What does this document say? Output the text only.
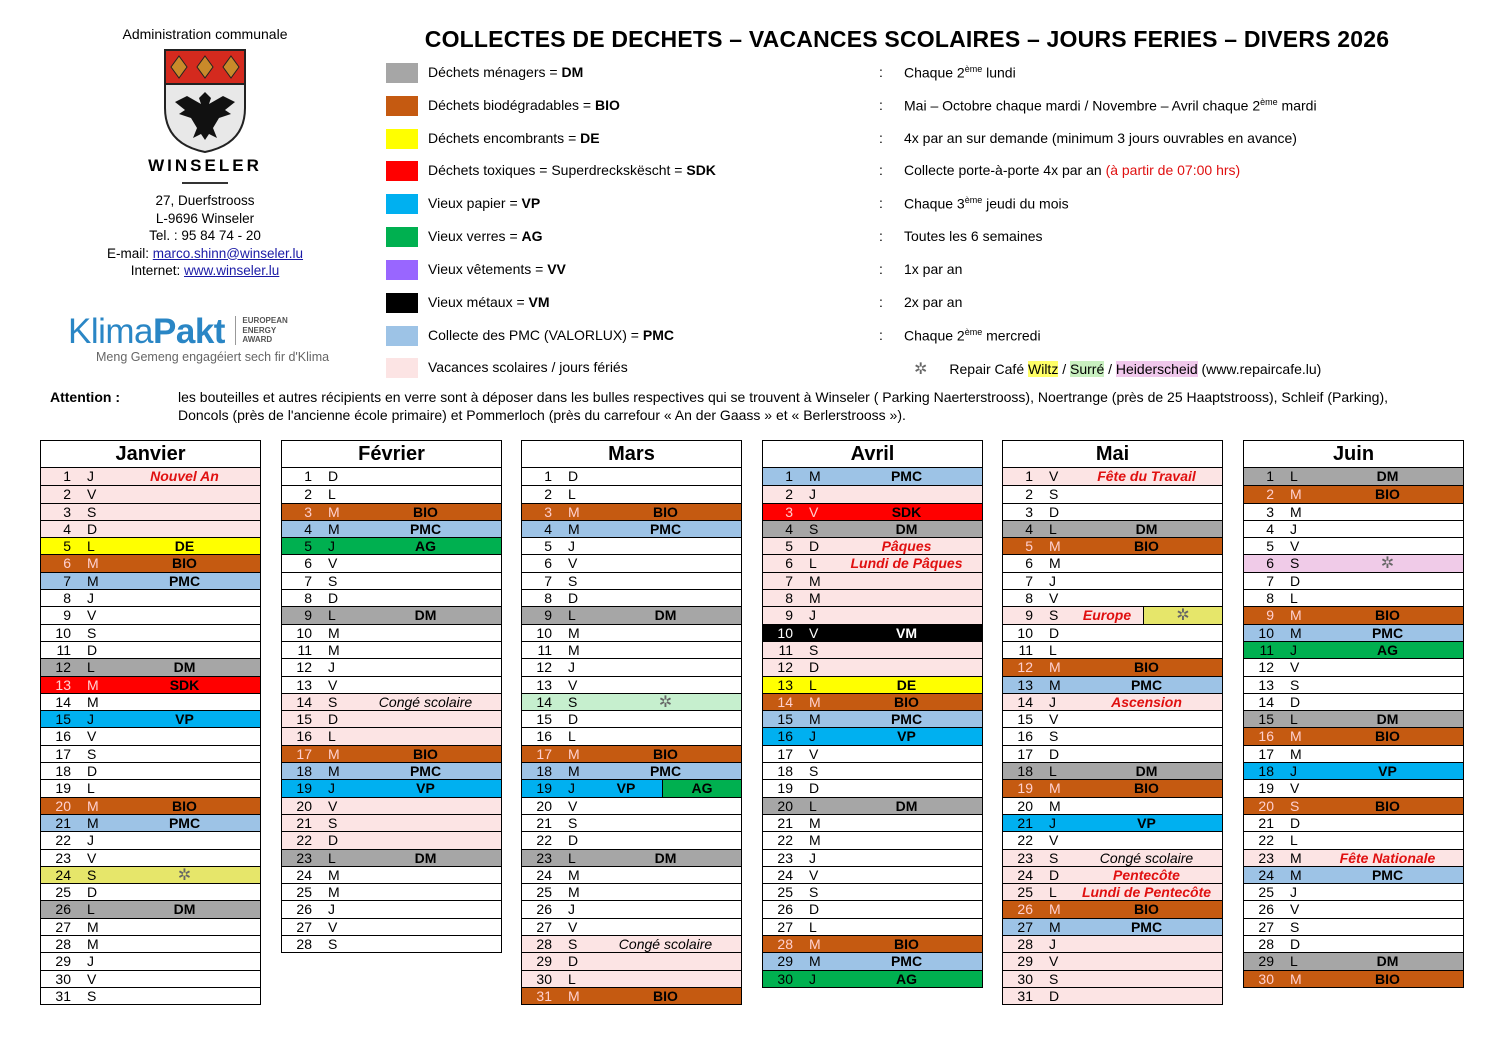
Administration communale
WINSELER
27, Duerfstrooss
L-9696 Winseler
Tel. : 95 84 74 - 20
E-mail: marco.shinn@winseler.lu
Internet: www.winseler.lu
KlimaPakt EUROPEAN
ENERGY
AWARD
Meng Gemeng engagéiert sech fir d'Klima
COLLECTES DE DECHETS – VACANCES SCOLAIRES – JOURS FERIES – DIVERS 2026
Déchets ménagers = DM	: Chaque 2ème lundi
Déchets biodégradables = BIO	: Mai – Octobre chaque mardi / Novembre – Avril chaque 2ème mardi
Déchets encombrants = DE	: 4x par an sur demande (minimum 3 jours ouvrables en avance)
Déchets toxiques = Superdreckskëscht = SDK	: Collecte porte-à-porte 4x par an (à partir de 07:00 hrs)
Vieux papier = VP	: Chaque 3ème jeudi du mois
Vieux verres = AG	: Toutes les 6 semaines
Vieux vêtements = VV	: 1x par an
Vieux métaux = VM	: 2x par an
Collecte des PMC (VALORLUX) = PMC	: Chaque 2ème mercredi
Vacances scolaires / jours fériés	✲ Repair Café Wiltz / Surré / Heiderscheid (www.repaircafe.lu)
Attention :	les bouteilles et autres récipients en verre sont à déposer dans les bulles respectives qui se trouvent à Winseler ( Parking Naerterstrooss), Noertrange (près de 25 Haaptstrooss), Schleif (Parking), Doncols (près de l'ancienne école primaire) et Pommerloch (près du carrefour « An der Gaass » et « Berlerstrooss »).
Janvier
1 J	Nouvel An
2 V
3 S
4 D
5 L	DE
6 M	BIO
7 M	PMC
8 J
9 V
10 S
11 D
12 L	DM
13 M	SDK
14 M
15 J	VP
16 V
17 S
18 D
19 L
20 M	BIO
21 M	PMC
22 J
23 V
24 S	✲
25 D
26 L	DM
27 M
28 M
29 J
30 V
31 S
Février
1 D
2 L
3 M	BIO
4 M	PMC
5 J	AG
6 V
7 S
8 D
9 L	DM
10 M
11 M
12 J
13 V
14 S	Congé scolaire
15 D
16 L
17 M	BIO
18 M	PMC
19 J	VP
20 V
21 S
22 D
23 L	DM
24 M
25 M
26 J
27 V
28 S
Mars
1 D
2 L
3 M	BIO
4 M	PMC
5 J
6 V
7 S
8 D
9 L	DM
10 M
11 M
12 J
13 V
14 S	✲
15 D
16 L
17 M	BIO
18 M	PMC
19 J	VP	AG
20 V
21 S
22 D
23 L	DM
24 M
25 M
26 J
27 V
28 S	Congé scolaire
29 D
30 L
31 M	BIO
Avril
1 M	PMC
2 J
3 V	SDK
4 S	DM
5 D	Pâques
6 L	Lundi de Pâques
7 M
8 M
9 J
10 V	VM
11 S
12 D
13 L	DE
14 M	BIO
15 M	PMC
16 J	VP
17 V
18 S
19 D
20 L	DM
21 M
22 M
23 J
24 V
25 S
26 D
27 L
28 M	BIO
29 M	PMC
30 J	AG
Mai
1 V	Fête du Travail
2 S
3 D
4 L	DM
5 M	BIO
6 M
7 J
8 V
9 S	Europe	✲
10 D
11 L
12 M	BIO
13 M	PMC
14 J	Ascension
15 V
16 S
17 D
18 L	DM
19 M	BIO
20 M
21 J	VP
22 V
23 S	Congé scolaire
24 D	Pentecôte
25 L	Lundi de Pentecôte
26 M	BIO
27 M	PMC
28 J
29 V
30 S
31 D
Juin
1 L	DM
2 M	BIO
3 M
4 J
5 V
6 S	✲
7 D
8 L
9 M	BIO
10 M	PMC
11 J	AG
12 V
13 S
14 D
15 L	DM
16 M	BIO
17 M
18 J	VP
19 V
20 S	BIO
21 D
22 L
23 M	Fête Nationale
24 M	PMC
25 J
26 V
27 S
28 D
29 L	DM
30 M	BIO
